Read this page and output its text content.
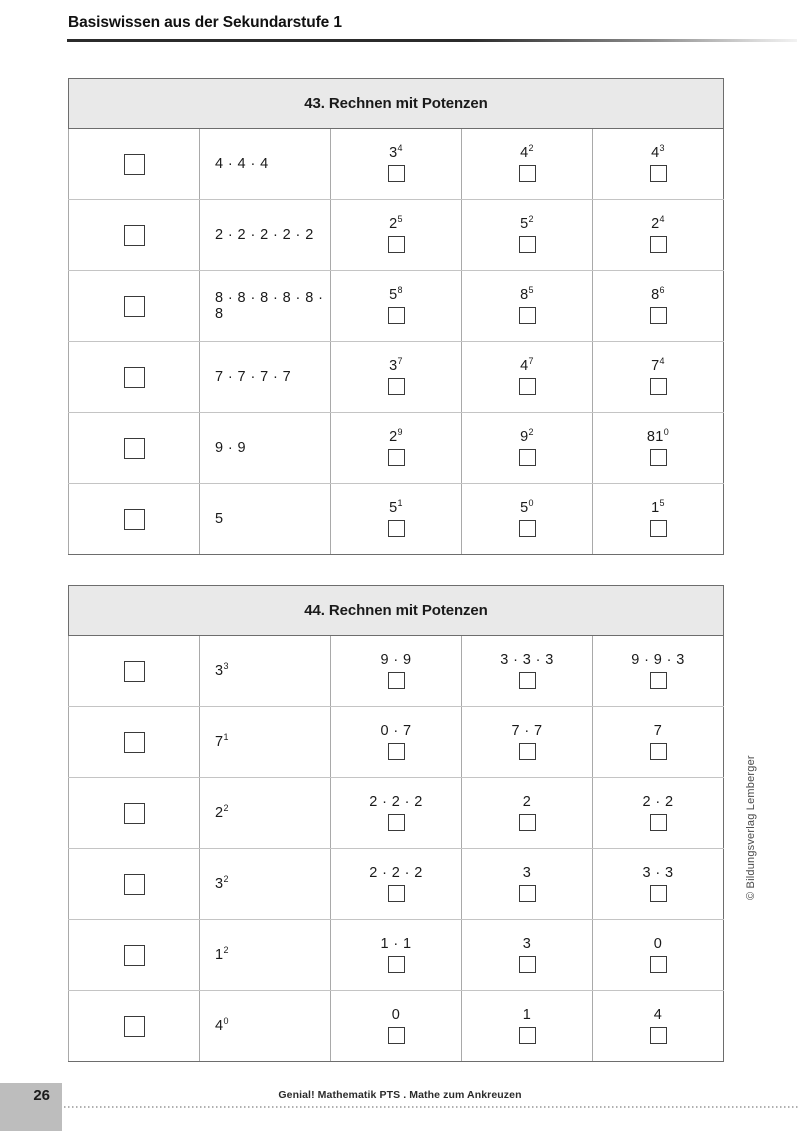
Basiswissen aus der Sekundarstufe 1
43. Rechnen mit Potenzen				
	4 · 4 · 4	$3^4$	$4^2$	$4^3$

	2 · 2 · 2 · 2 · 2	$2^5$	$5^2$	$2^4$

	8 · 8 · 8 · 8 · 8 · 8	$5^8$	$8^5$	$8^6$

	7 · 7 · 7 · 7	$3^7$	$4^7$	$7^4$

	9 · 9	$2^9$	$9^2$	$81^0$

	5	$5^1$	$5^0$	$1^5$
44. Rechnen mit Potenzen				
	$3^3$	9 · 9	3 · 3 · 3	9 · 9 · 3

	$7^1$	0 · 7	7 · 7	7

	$2^2$	2 · 2 · 2	2	2 · 2

	$3^2$	2 · 2 · 2	3	3 · 3

	$1^2$	1 · 1	3	0

	$4^0$	0	1	4
© Bildungsverlag Lemberger
26	Genial! Mathematik PTS . Mathe zum Ankreuzen
